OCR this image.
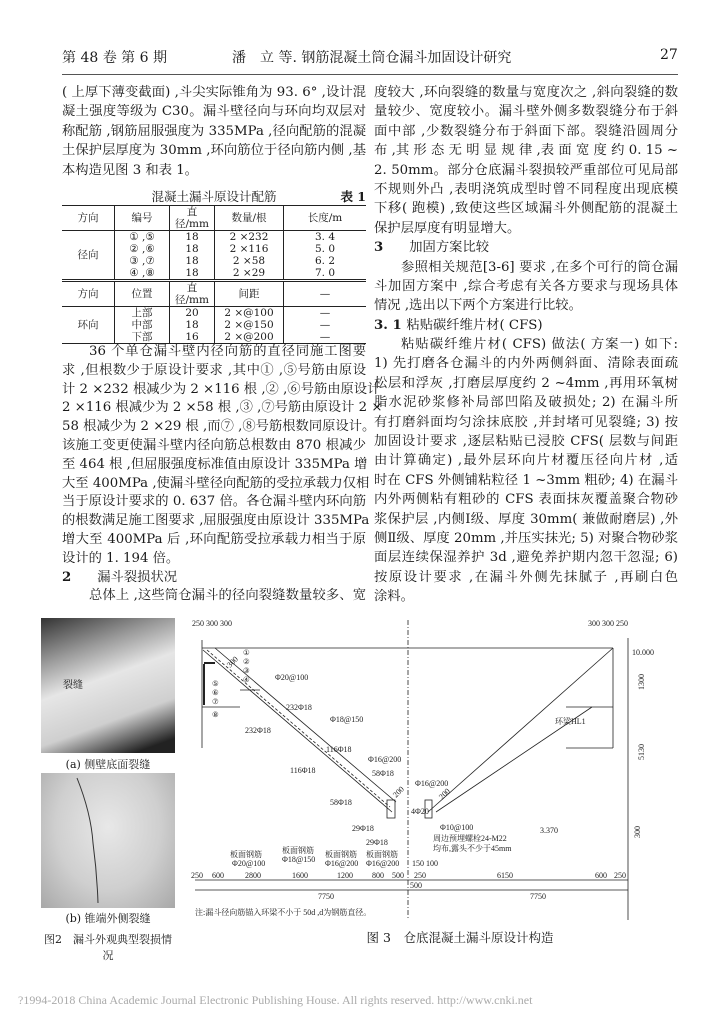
第 48 卷 第 6 期	潘　立 等. 钢筋混凝土筒仓漏斗加固设计研究	27
( 上厚下薄变截面) ,斗尖实际锥角为 93. 6° ,设计混
凝土强度等级为 C30。漏斗壁径向与环向均双层对
称配筋 ,钢筋屈服强度为 335MPa ,径向配筋的混凝
土保护层厚度为 30mm ,环向筋位于径向筋内侧 ,基
本构造见图 3 和表 1。
混凝土漏斗原设计配筋	表 1
方向	编号	直径/mm	数量/根	长度/m
径向	① ,⑤	18	2 ×232	3. 4
	② ,⑥	18	2 ×116	5. 0
	③ ,⑦	18	2 ×58	6. 2
	④ ,⑧	18	2 ×29	7. 0
方向	位置	直径/mm	间距	—
环向	上部	20	2 ×@100	—
	中部	18	2 ×@150	—
	下部	16	2 ×@200	—
36 个单仓漏斗壁内径向筋的直径同施工图要
求 ,但根数少于原设计要求 ,其中① ,⑤号筋由原设
计 2 ×232 根减少为 2 ×116 根 ,② ,⑥号筋由原设计
2 ×116 根减少为 2 ×58 根 ,③ ,⑦号筋由原设计 2 ×
58 根减少为 2 ×29 根 ,而⑦ ,⑧号筋根数同原设计。
该施工变更使漏斗壁内径向筋总根数由 870 根减少
至 464 根 ,但屈服强度标准值由原设计 335MPa 增
大至 400MPa ,使漏斗壁径向配筋的受拉承载力仅相
当于原设计要求的 0. 637 倍。各仓漏斗壁内环向筋
的根数满足施工图要求 ,屈服强度由原设计 335MPa
增大至 400MPa 后 ,环向配筋受拉承载力相当于原
设计的 1. 194 倍。
2 漏斗裂损状况
总体上 ,这些筒仓漏斗的径向裂缝数量较多、宽
度较大 ,环向裂缝的数量与宽度次之 ,斜向裂缝的数
量较少、宽度较小。漏斗壁外侧多数裂缝分布于斜
面中部 ,少数裂缝分布于斜面下部。裂缝沿圆周分
布 ,其 形 态 无 明 显 规 律 ,表 面 宽 度 约 0. 15 ~
2. 50mm。部分仓底漏斗裂损较严重部位可见局部
不规则外凸 ,表明浇筑成型时曾不同程度出现底模
下移( 跑模) ,致使这些区域漏斗外侧配筋的混凝土
保护层厚度有明显增大。
3 加固方案比较
参照相关规范[3-6] 要求 ,在多个可行的筒仓漏
斗加固方案中 ,综合考虑有关各方要求与现场具体
情况 ,选出以下两个方案进行比较。
3. 1 粘贴碳纤维片材( CFS)
粘贴碳纤维片材( CFS) 做法( 方案一) 如下:
1) 先打磨各仓漏斗的内外两侧斜面、清除表面疏
松层和浮灰 ,打磨层厚度约 2 ~4mm ,再用环氧树
脂水泥砂浆修补局部凹陷及破损处; 2) 在漏斗所
有打磨斜面均匀涂抹底胶 ,并封堵可见裂缝; 3) 按
加固设计要求 ,逐层粘贴已浸胶 CFS( 层数与间距
由计算确定) ,最外层环向片材覆压径向片材 ,适
时在 CFS 外侧铺粘粒径 1 ~3mm 粗砂; 4) 在漏斗
内外两侧粘有粗砂的 CFS 表面抹灰覆盖聚合物砂
浆保护层 ,内侧Ⅰ级、厚度 30mm( 兼做耐磨层) ,外
侧Ⅱ级、厚度 20mm ,并压实抹光; 5) 对聚合物砂浆
面层连续保湿养护 3d ,避免养护期内忽干忽湿; 6)
按原设计要求 ,在漏斗外侧先抹腻子 ,再刷白色
涂料。
裂缝
(a) 侧壁底面裂缝
(b) 锥端外侧裂缝
图2　漏斗外观典型裂损情况
250 300 300	300 300 250
10.000
1300
5130
300
环梁HL1
Φ20@100
232Φ18
232Φ18
Φ18@150
116Φ18
116Φ18
Φ16@200
58Φ18
58Φ18
29Φ18
29Φ18
Φ16@200
4Φ20
Φ10@100
周边预埋螺栓24-M22
均布,露头不少于45mm
3.370
板面钢筋
Φ20@100
板面钢筋
Φ18@150
板面钢筋
Φ16@200
板面钢筋
Φ16@200 150 100
300
200	200
250 600	2800	1600	1200 800 500
500
250	6150	600 250
7750	7750
①
②
③
④
⑤
⑥
⑦
⑧
注:漏斗径向筋锚入环梁不小于 50d ,d为钢筋直径。
图 3　仓底混凝土漏斗原设计构造
?1994-2018 China Academic Journal Electronic Publishing House. All rights reserved. http://www.cnki.net
